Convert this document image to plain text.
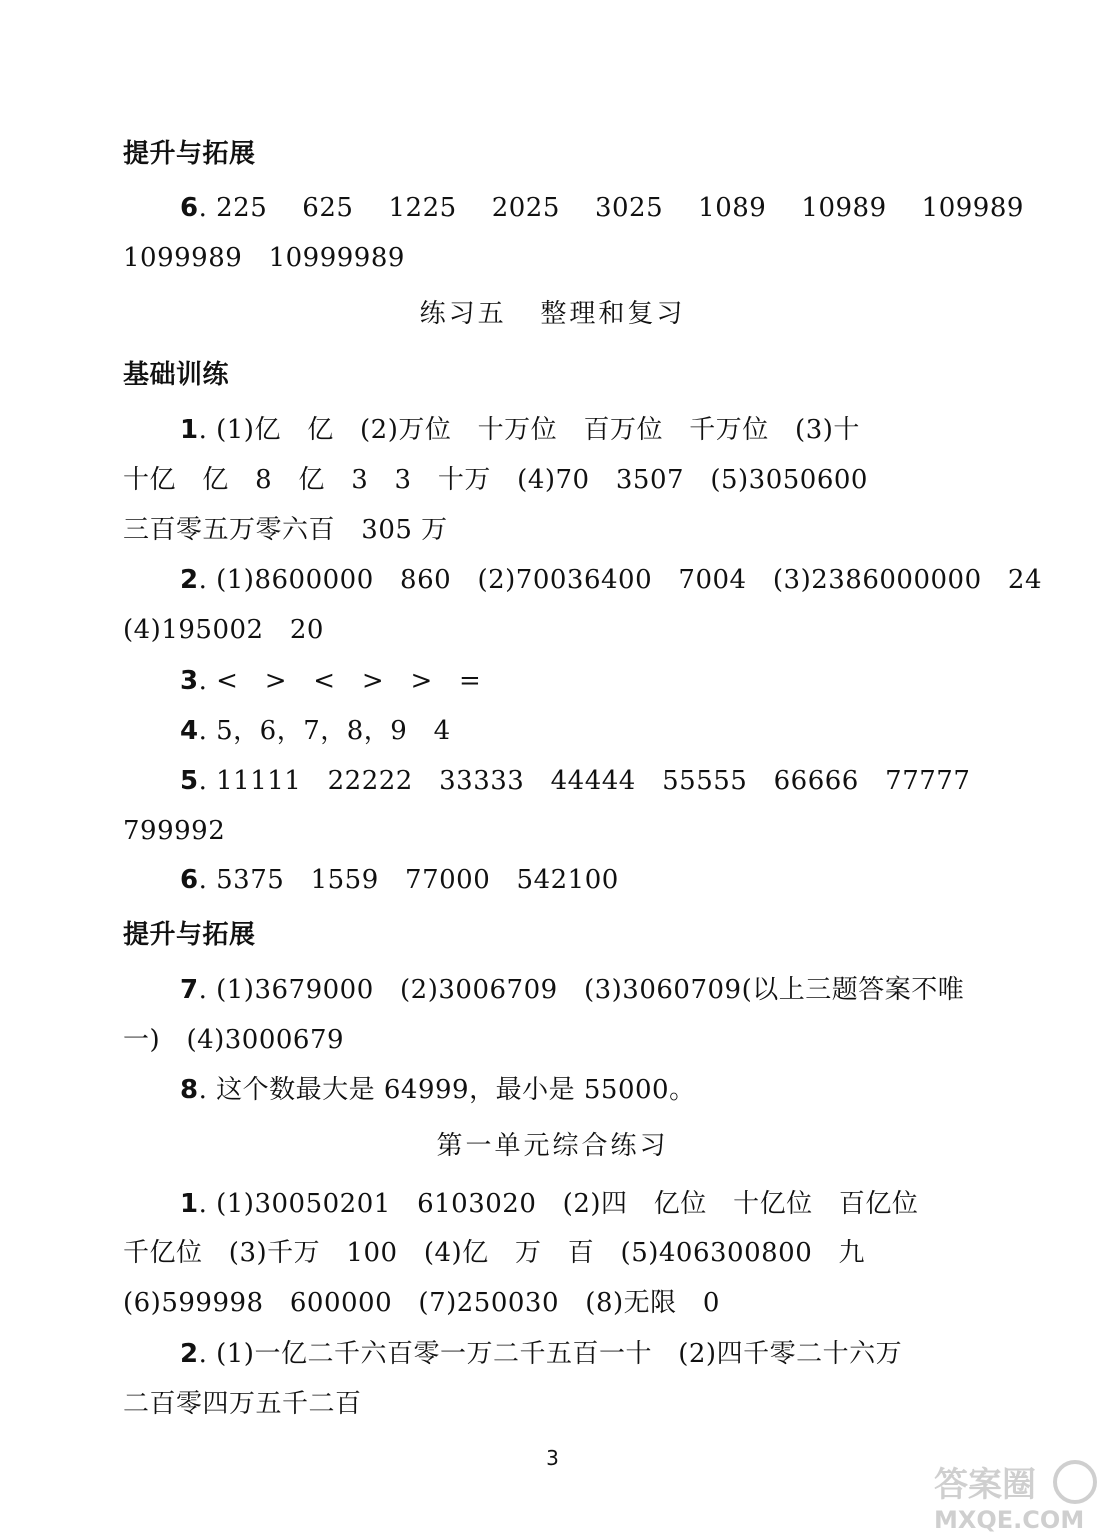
提升与拓展
6. 225    625    1225    2025    3025    1089    10989    109989
1099989   10999989
练习五   整理和复习
基础训练
1. (1)亿   亿   (2)万位   十万位   百万位   千万位   (3)十
十亿   亿   8   亿   3   3   十万   (4)70   3507   (5)3050600
三百零五万零六百   305 万
2. (1)8600000   860   (2)70036400   7004   (3)2386000000   24
(4)195002   20
3. <   >   <   >   >   =
4. 5，6，7，8，9   4
5. 11111   22222   33333   44444   55555   66666   77777
799992
6. 5375   1559   77000   542100
提升与拓展
7. (1)3679000   (2)3006709   (3)3060709(以上三题答案不唯
一)   (4)3000679
8. 这个数最大是 64999，最小是 55000。
第一单元综合练习
1. (1)30050201   6103020   (2)四   亿位   十亿位   百亿位
千亿位   (3)千万   100   (4)亿   万   百   (5)406300800   九
(6)599998   600000   (7)250030   (8)无限   0
2. (1)一亿二千六百零一万二千五百一十   (2)四千零二十六万
二百零四万五千二百
3
答案圈
MXQE.COM
